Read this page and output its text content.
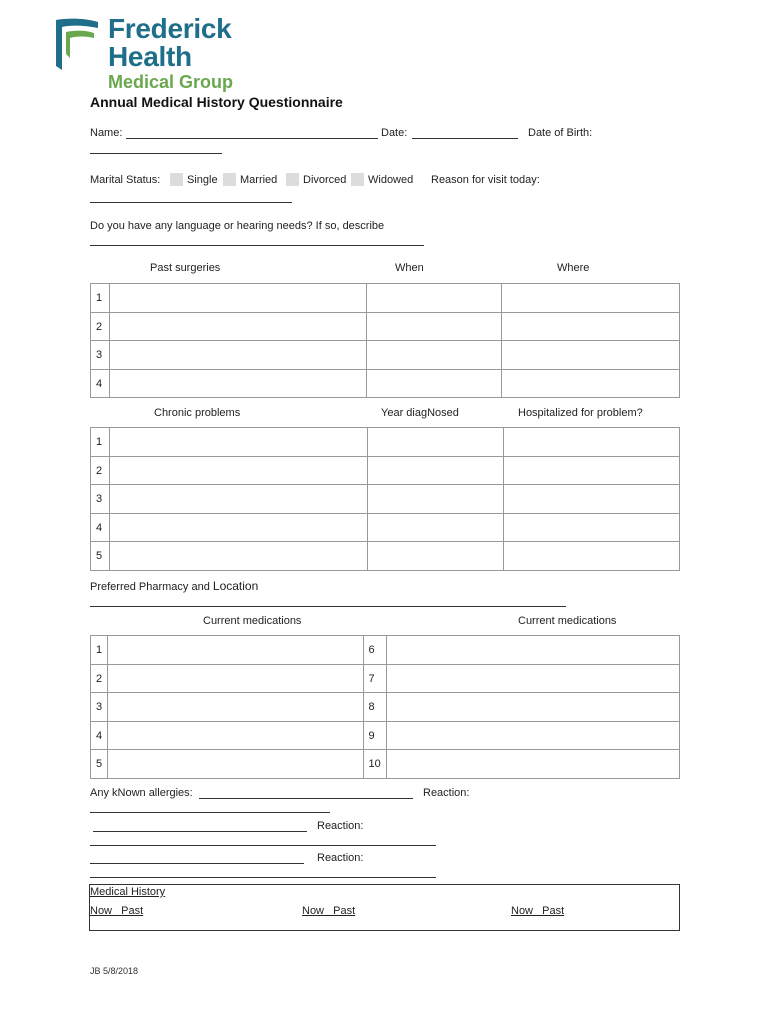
Frederick
Health
Medical Group
Annual Medical History Questionnaire
Name:	Date:	Date of Birth:
Marital Status: Single Married Divorced Widowed Reason for visit today:
Do you have any language or hearing needs? If so, describe
Past surgeries	When	Where
1			
2			
3			
4			
Chronic problems	Year diagNosed	Hospitalized for problem?
1			
2			
3			
4			
5			
Preferred Pharmacy and Location
Current medications	Current medications
1		6	
2		7	
3		8	
4		9	
5		10	
Any kNown allergies:	Reaction:
Reaction:
Reaction:
Medical History
Now   Past	Now   Past	Now   Past
JB 5/8/2018
